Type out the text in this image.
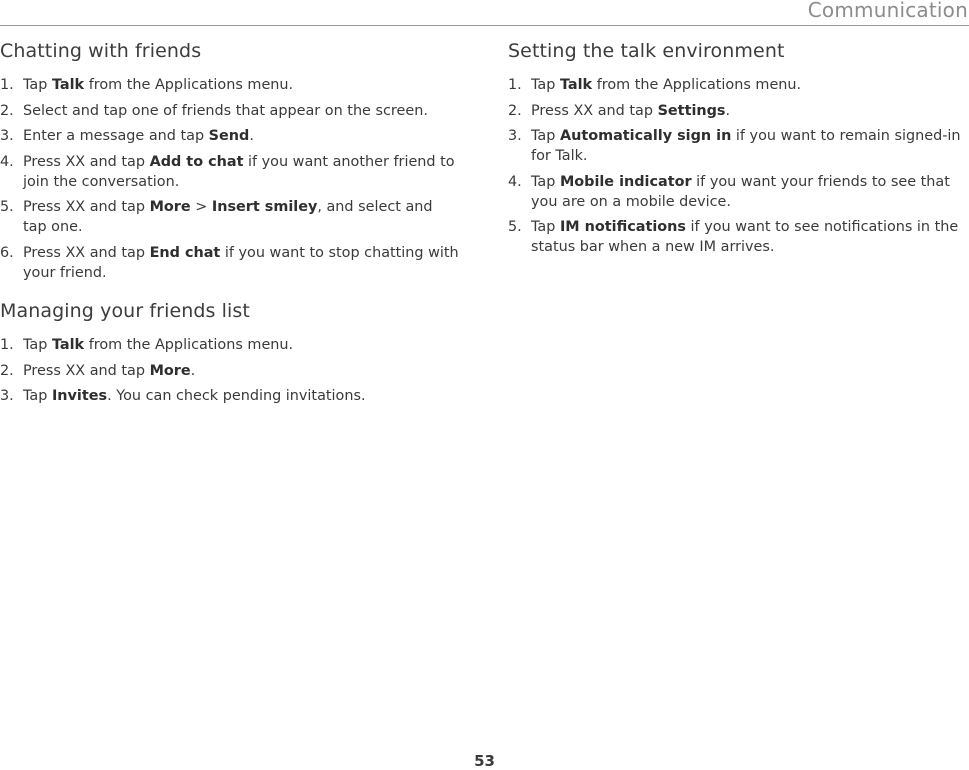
Communication
Chatting with friends
1. Tap Talk from the Applications menu.
2. Select and tap one of friends that appear on the screen.
3. Enter a message and tap Send.
4. Press XX and tap Add to chat if you want another friend to join the conversation.
5. Press XX and tap More > Insert smiley, and select and tap one.
6. Press XX and tap End chat if you want to stop chatting with your friend.
Managing your friends list
1. Tap Talk from the Applications menu.
2. Press XX and tap More.
3. Tap Invites. You can check pending invitations.
Setting the talk environment
1. Tap Talk from the Applications menu.
2. Press XX and tap Settings.
3. Tap Automatically sign in if you want to remain signed-in for Talk.
4. Tap Mobile indicator if you want your friends to see that you are on a mobile device.
5. Tap IM notifications if you want to see notifications in the status bar when a new IM arrives.
53
